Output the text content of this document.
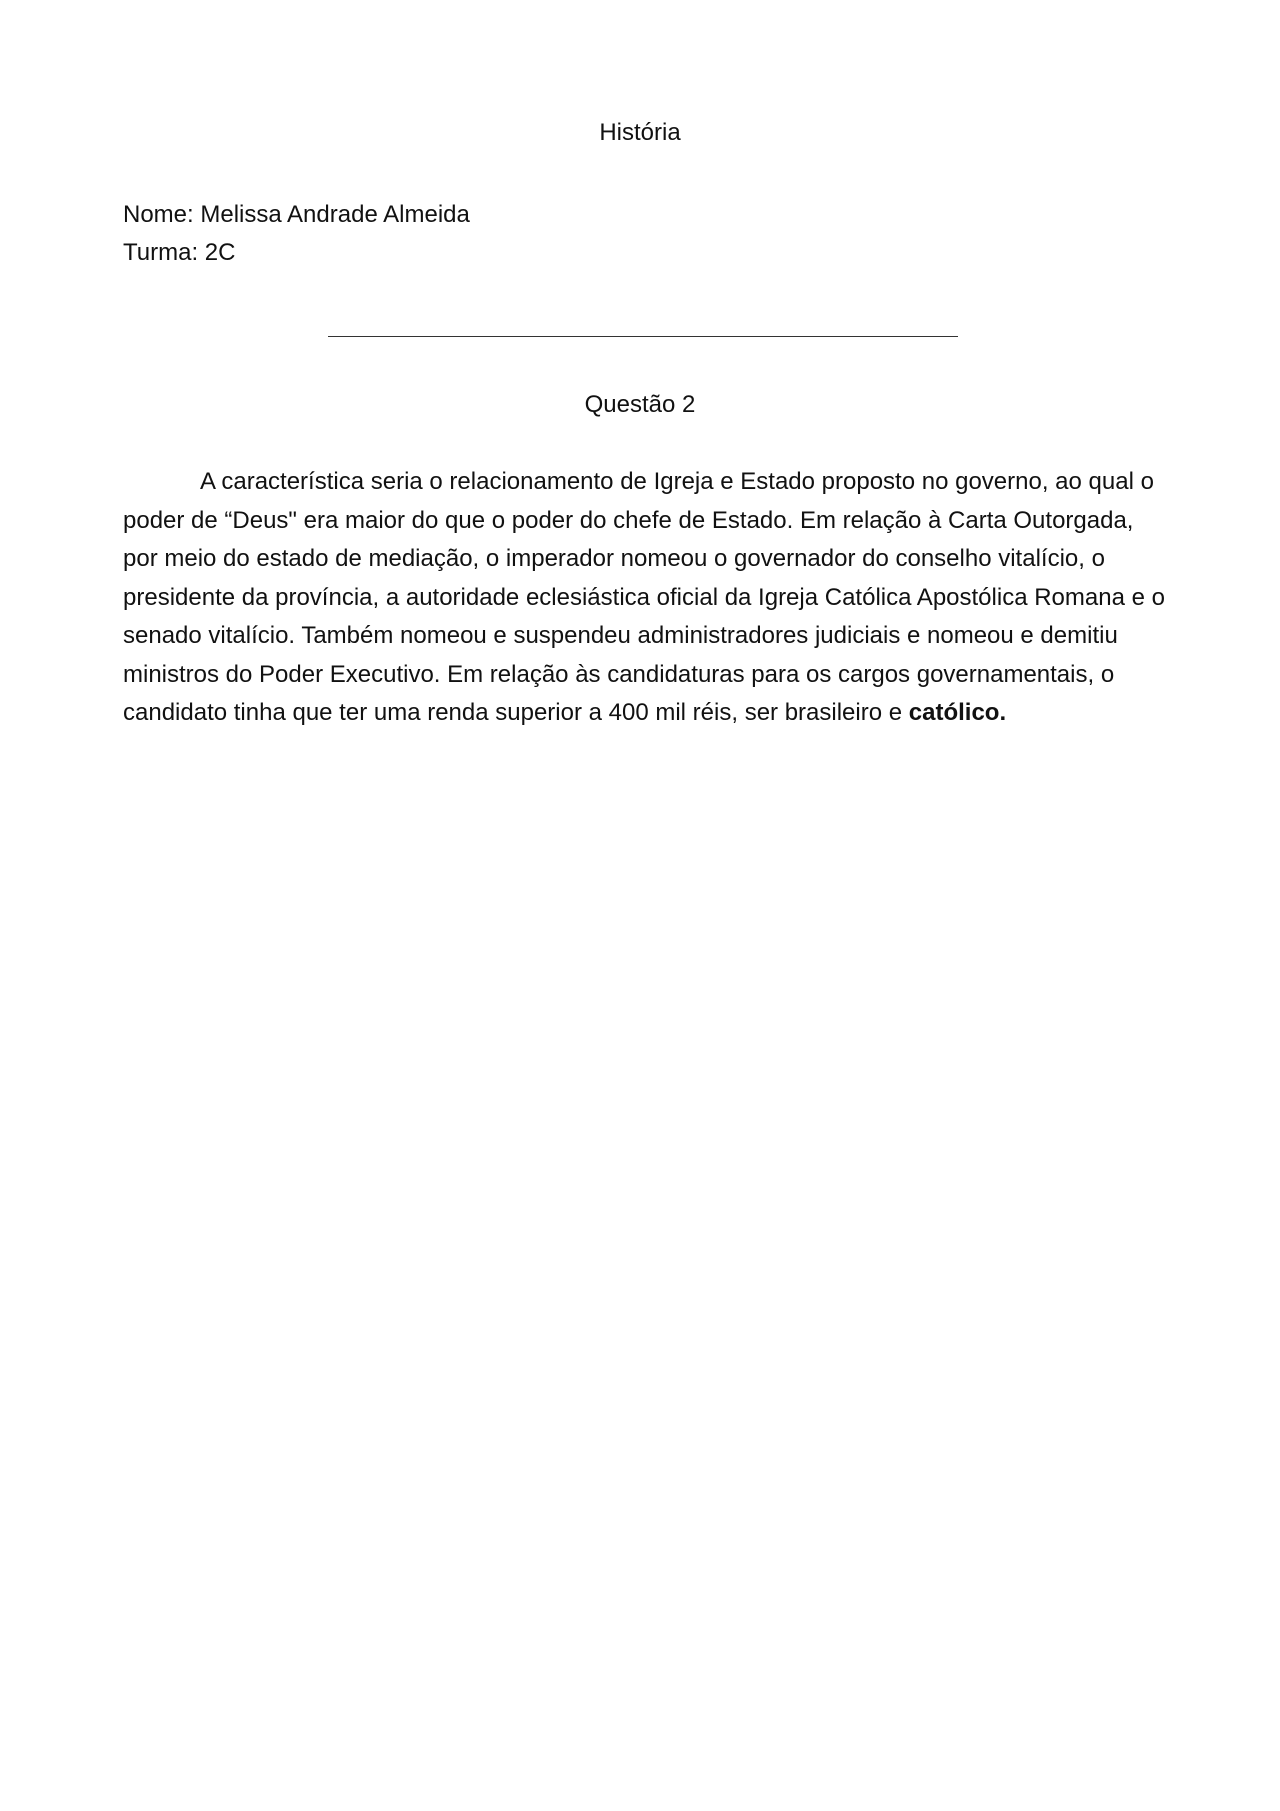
História
Nome: Melissa Andrade Almeida
Turma: 2C
Questão 2

A característica seria o relacionamento de Igreja e Estado proposto no governo, ao qual o poder de “Deus" era maior do que o poder do chefe de Estado. Em relação à Carta Outorgada, por meio do estado de mediação, o imperador nomeou o governador do conselho vitalício, o presidente da província, a autoridade eclesiástica oficial da Igreja Católica Apostólica Romana e o senado vitalício. Também nomeou e suspendeu administradores judiciais e nomeou e demitiu ministros do Poder Executivo. Em relação às candidaturas para os cargos governamentais, o candidato tinha que ter uma renda superior a 400 mil réis, ser brasileiro e católico.
